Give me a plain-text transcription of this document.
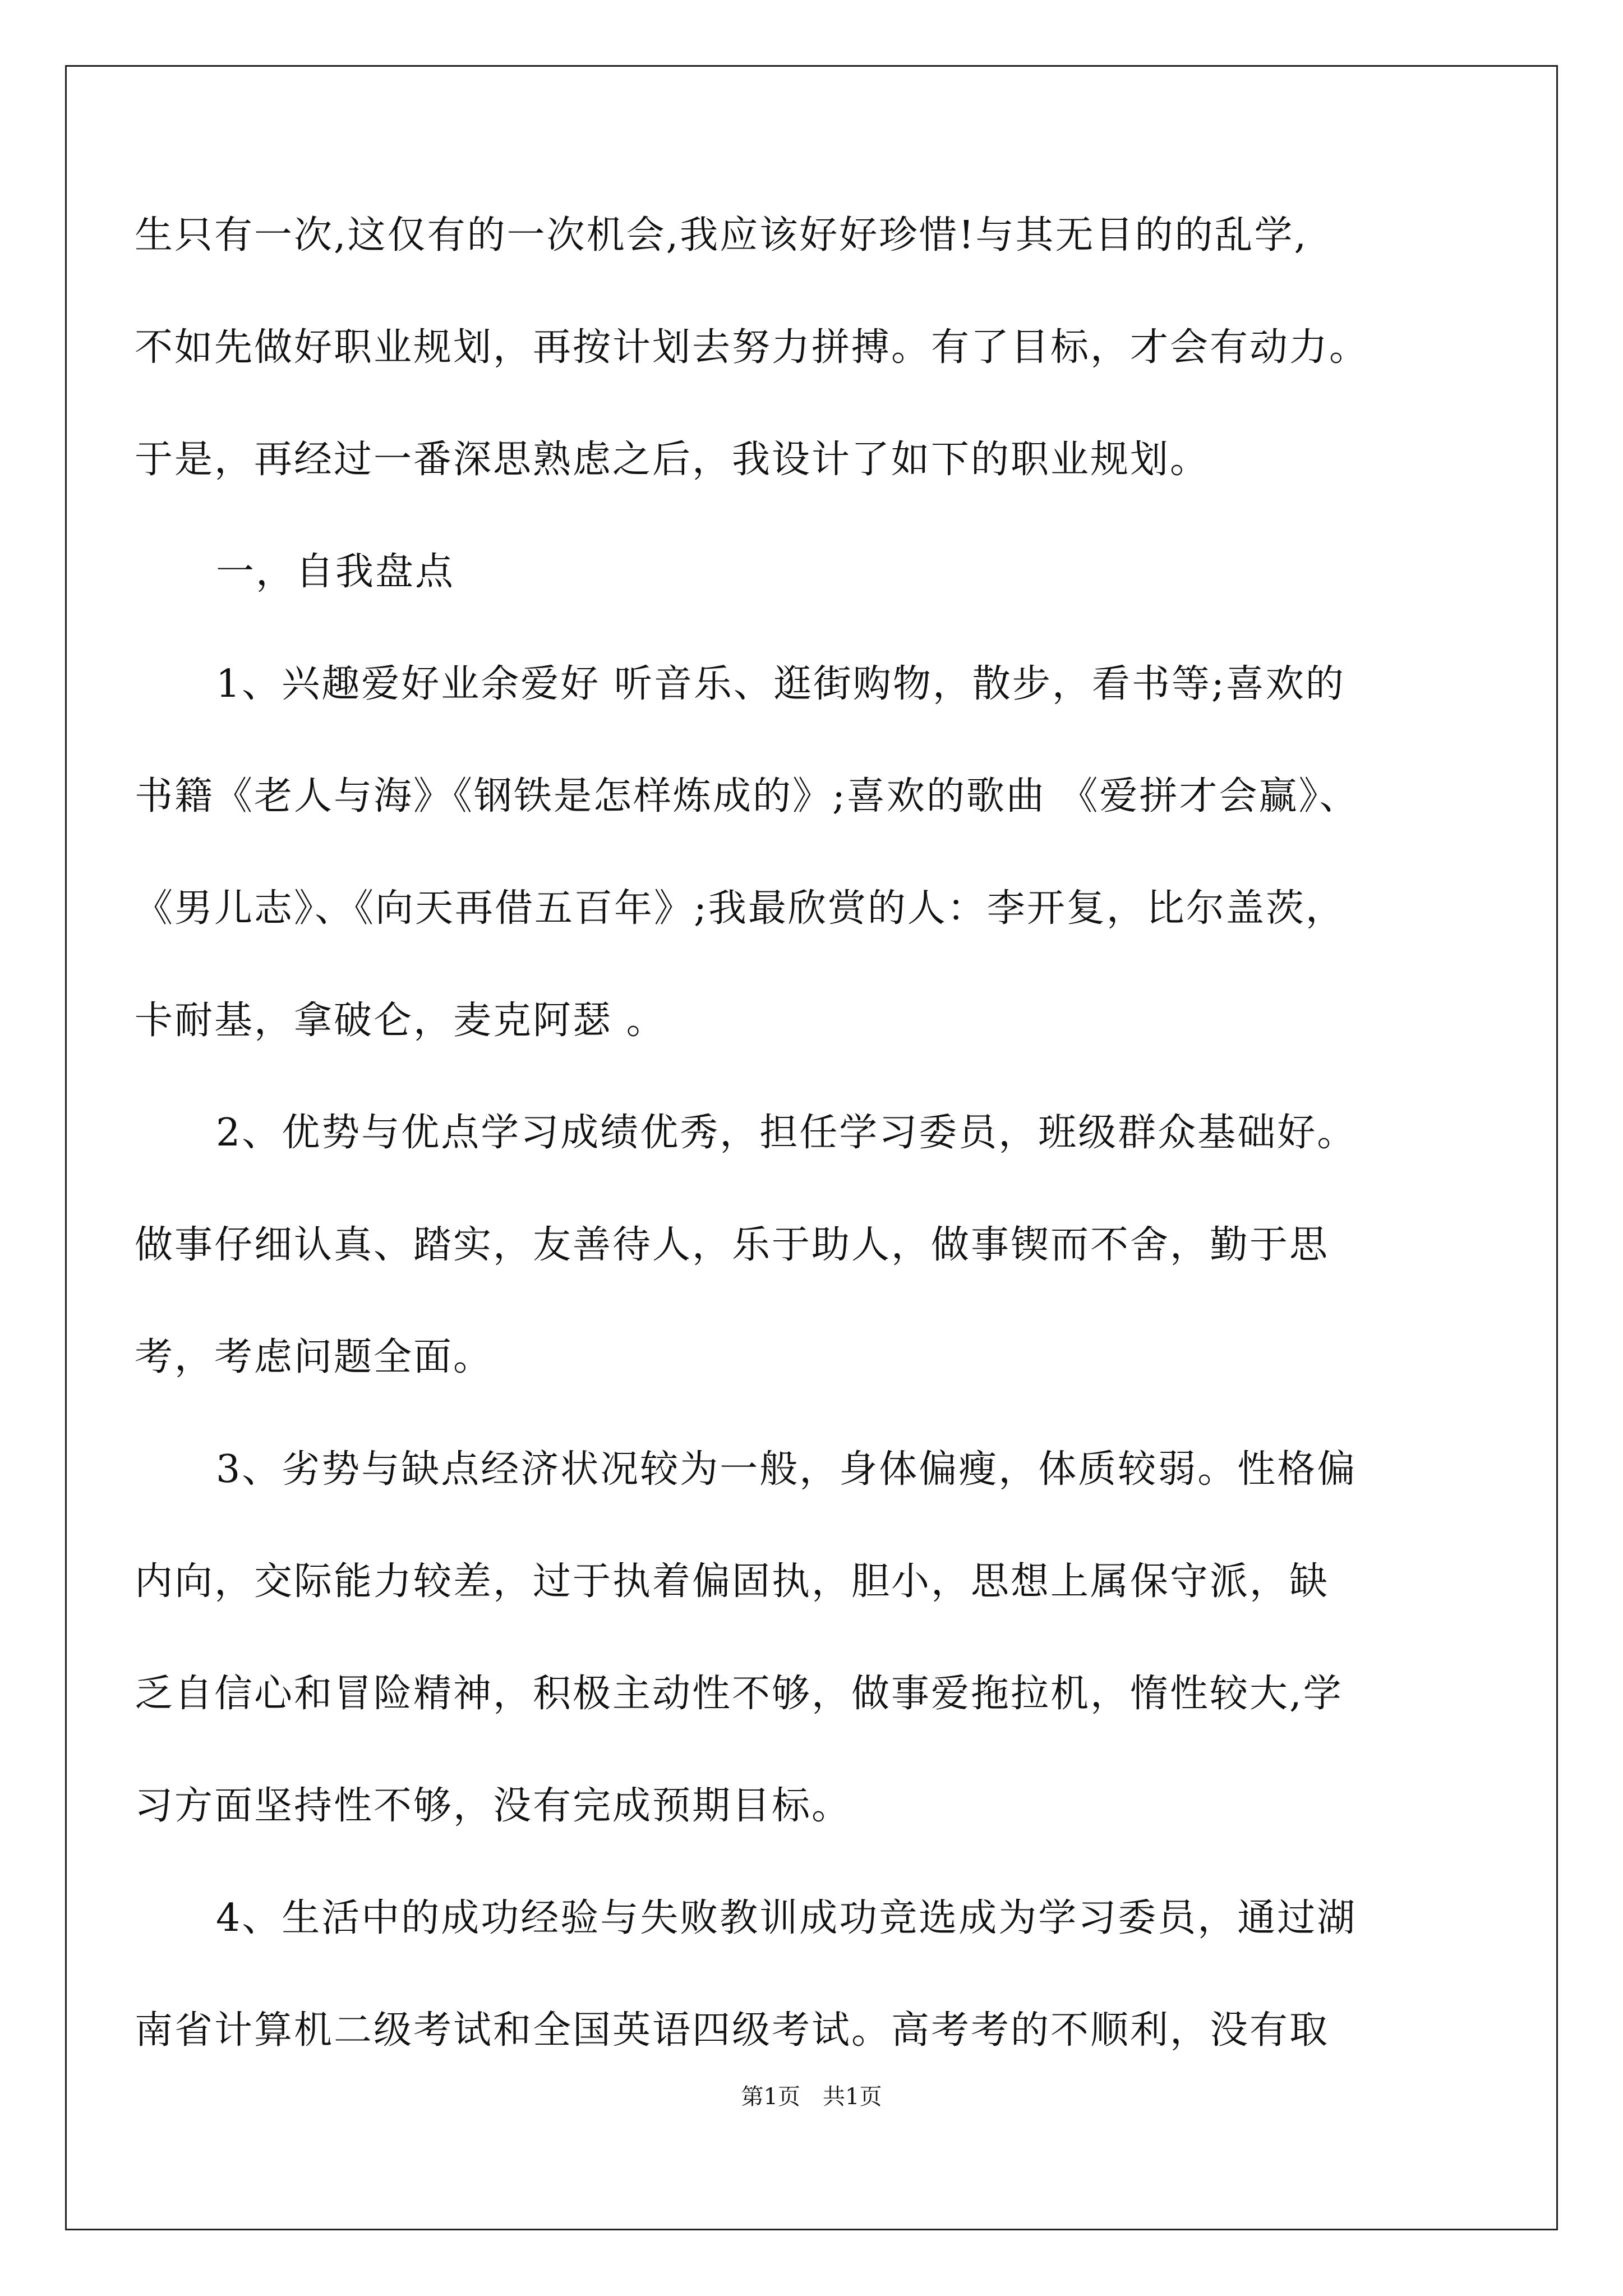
生只有一次,这仅有的一次机会,我应该好好珍惜!与其无目的的乱学,
不如先做好职业规划，再按计划去努力拼搏。有了目标，才会有动力。
于是，再经过一番深思熟虑之后，我设计了如下的职业规划。
一，自我盘点
1、兴趣爱好业余爱好 听音乐、逛街购物，散步，看书等;喜欢的
书籍《老人与海》《钢铁是怎样炼成的》;喜欢的歌曲 《爱拼才会赢》、
《男儿志》、《向天再借五百年》;我最欣赏的人：李开复，比尔盖茨，
卡耐基，拿破仑，麦克阿瑟 。
2、优势与优点学习成绩优秀，担任学习委员，班级群众基础好。
做事仔细认真、踏实，友善待人，乐于助人，做事锲而不舍，勤于思
考，考虑问题全面。
3、劣势与缺点经济状况较为一般，身体偏瘦，体质较弱。性格偏
内向，交际能力较差，过于执着偏固执，胆小，思想上属保守派，缺
乏自信心和冒险精神，积极主动性不够，做事爱拖拉机，惰性较大,学
习方面坚持性不够，没有完成预期目标。
4、生活中的成功经验与失败教训成功竞选成为学习委员，通过湖
南省计算机二级考试和全国英语四级考试。高考考的不顺利，没有取
第1页　共1页
